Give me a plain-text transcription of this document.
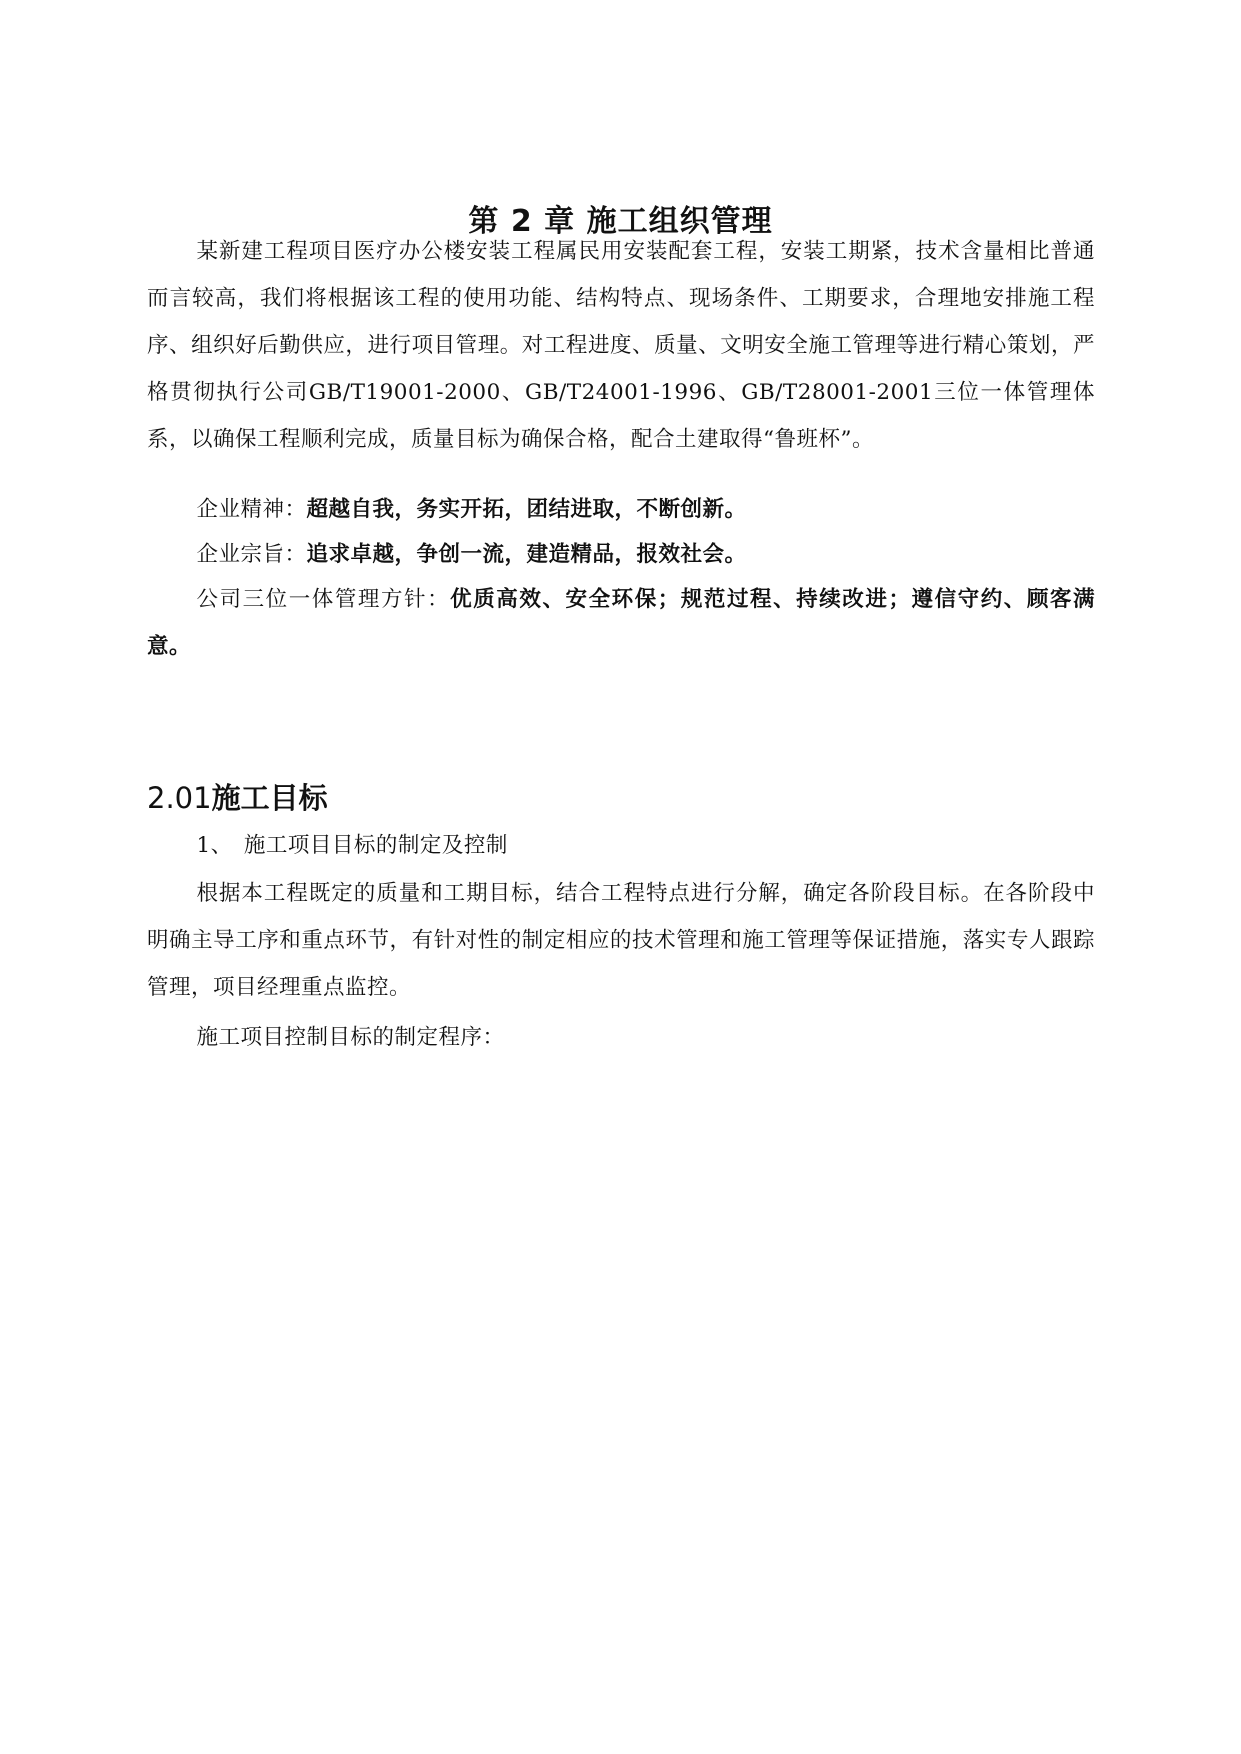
第 2 章 施工组织管理

某新建工程项目医疗办公楼安装工程属民用安装配套工程，安装工期紧，技术含量相比普通而言较高，我们将根据该工程的使用功能、结构特点、现场条件、工期要求，合理地安排施工程序、组织好后勤供应，进行项目管理。对工程进度、质量、文明安全施工管理等进行精心策划，严格贯彻执行公司GB/T19001-2000、GB/T24001-1996、GB/T28001-2001三位一体管理体系，以确保工程顺利完成，质量目标为确保合格，配合土建取得“鲁班杯”。

企业精神：超越自我，务实开拓，团结进取，不断创新。

企业宗旨：追求卓越，争创一流，建造精品，报效社会。

公司三位一体管理方针：优质高效、安全环保；规范过程、持续改进；遵信守约、顾客满意。

2.01施工目标

1、　施工项目目标的制定及控制

根据本工程既定的质量和工期目标，结合工程特点进行分解，确定各阶段目标。在各阶段中明确主导工序和重点环节，有针对性的制定相应的技术管理和施工管理等保证措施，落实专人跟踪管理，项目经理重点监控。

施工项目控制目标的制定程序：
